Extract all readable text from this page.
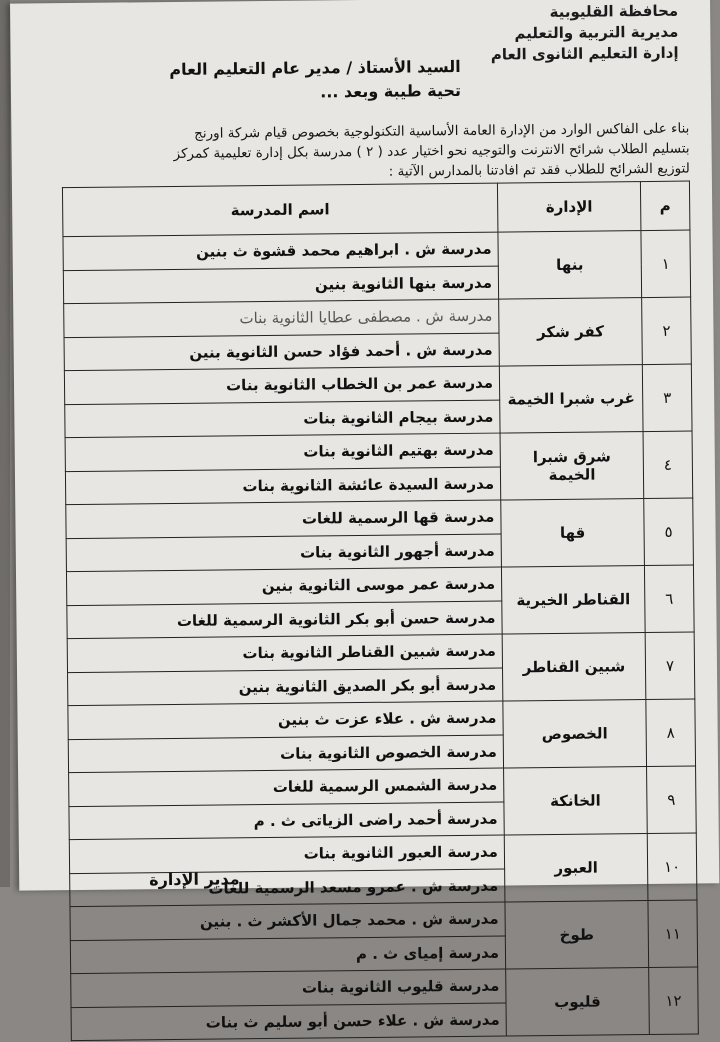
محافظة القليوبية
مديرية التربية والتعليم
إدارة التعليم الثانوى العام
السيد الأستاذ / مدير عام التعليم العام
تحية طيبة وبعد ...
بناء على الفاكس الوارد من الإدارة العامة الأساسية التكنولوجية بخصوص قيام شركة اورنج
بتسليم الطلاب شرائح الانترنت والتوجيه نحو اختيار عدد ( ٢ ) مدرسة بكل إدارة تعليمية كمركز
لتوزيع الشرائح للطلاب فقد تم افادتنا بالمدارس الآتية :
م	الإدارة	اسم المدرسة
١	بنها	مدرسة ش . ابراهيم محمد قشوة ث بنين
		مدرسة بنها الثانوية بنين
٢	كفر شكر	مدرسة ش . مصطفى عطايا الثانوية بنات
		مدرسة ش . أحمد فؤاد حسن الثانوية بنين
٣	غرب شبرا الخيمة	مدرسة عمر بن الخطاب الثانوية بنات
		مدرسة بيجام الثانوية بنات
٤	شرق شبرا الخيمة	مدرسة بهتيم الثانوية بنات
		مدرسة السيدة عائشة الثانوية بنات
٥	قها	مدرسة قها الرسمية للغات
		مدرسة أجهور الثانوية بنات
٦	القناطر الخيرية	مدرسة عمر موسى الثانوية بنين
		مدرسة حسن أبو بكر الثانوية الرسمية للغات
٧	شبين القناطر	مدرسة شبين القناطر الثانوية بنات
		مدرسة أبو بكر الصديق الثانوية بنين
٨	الخصوص	مدرسة ش . علاء عزت ث بنين
		مدرسة الخصوص الثانوية بنات
٩	الخانكة	مدرسة الشمس الرسمية للغات
		مدرسة أحمد راضى الزياتى ث . م
١٠	العبور	مدرسة العبور الثانوية بنات
		مدرسة ش . عمرو مسعد الرسمية للغات
١١	طوخ	مدرسة ش . محمد جمال الأكشر ث . بنين
		مدرسة إمياى ث . م
١٢	قليوب	مدرسة قليوب الثانوية بنات
		مدرسة ش . علاء حسن أبو سليم ث بنات
مدير الإدارة
